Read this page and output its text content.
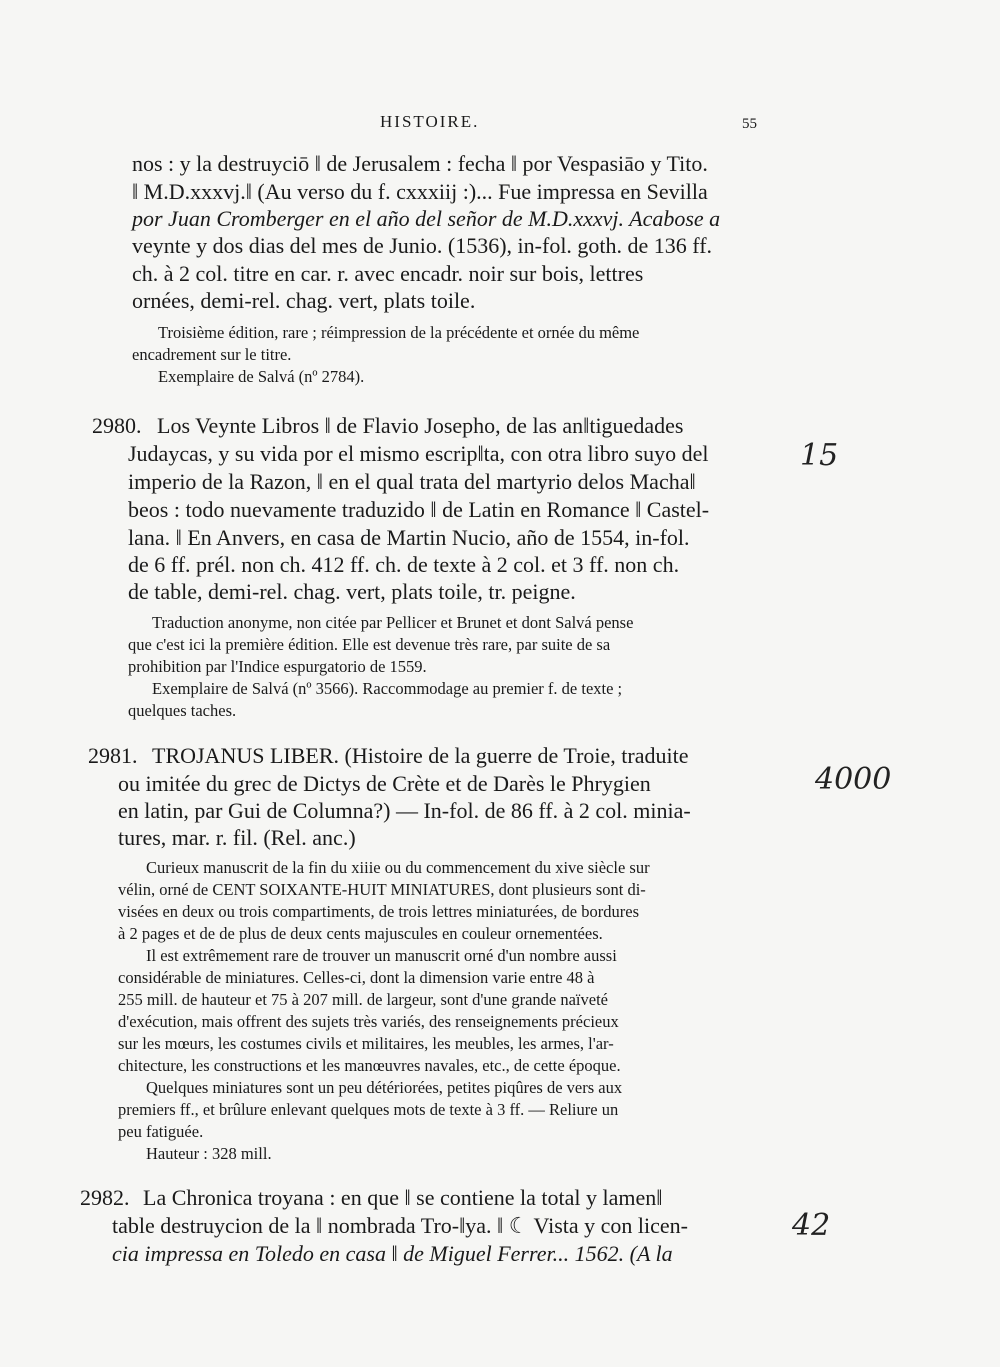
HISTOIRE.	55
nos : y la destruyciō ‖ de Jerusalem : fecha ‖ por Vespasiāo y Tito.
‖ M.D.xxxvj.‖ (Au verso du f. cxxxiij :)... Fue impressa en Sevilla
por Juan Cromberger en el año del señor de M.D.xxxvj. Acabose a
veynte y dos dias del mes de Junio. (1536), in-fol. goth. de 136 ff.
ch. à 2 col. titre en car. r. avec encadr. noir sur bois, lettres
ornées, demi-rel. chag. vert, plats toile.
Troisième édition, rare ; réimpression de la précédente et ornée du même
encadrement sur le titre.
Exemplaire de Salvá (nº 2784).
2980. Los Veynte Libros ‖ de Flavio Josepho, de las an‖tiguedades
Judaycas, y su vida por el mismo escrip‖ta, con otra libro suyo del
imperio de la Razon, ‖ en el qual trata del martyrio delos Macha‖
beos : todo nuevamente traduzido ‖ de Latin en Romance ‖ Castel-
lana. ‖ En Anvers, en casa de Martin Nucio, año de 1554, in-fol.
de 6 ff. prél. non ch. 412 ff. ch. de texte à 2 col. et 3 ff. non ch.
de table, demi-rel. chag. vert, plats toile, tr. peigne.
Traduction anonyme, non citée par Pellicer et Brunet et dont Salvá pense
que c'est ici la première édition. Elle est devenue très rare, par suite de sa
prohibition par l'Indice espurgatorio de 1559.
Exemplaire de Salvá (nº 3566). Raccommodage au premier f. de texte ;
quelques taches.
15
2981. TROJANUS LIBER. (Histoire de la guerre de Troie, traduite
ou imitée du grec de Dictys de Crète et de Darès le Phrygien
en latin, par Gui de Columna?) — In-fol. de 86 ff. à 2 col. minia-
tures, mar. r. fil. (Rel. anc.)
Curieux manuscrit de la fin du xiiie ou du commencement du xive siècle sur
vélin, orné de CENT SOIXANTE-HUIT MINIATURES, dont plusieurs sont di-
visées en deux ou trois compartiments, de trois lettres miniaturées, de bordures
à 2 pages et de de plus de deux cents majuscules en couleur ornementées.
Il est extrêmement rare de trouver un manuscrit orné d'un nombre aussi
considérable de miniatures. Celles-ci, dont la dimension varie entre 48 à
255 mill. de hauteur et 75 à 207 mill. de largeur, sont d'une grande naïveté
d'exécution, mais offrent des sujets très variés, des renseignements précieux
sur les mœurs, les costumes civils et militaires, les meubles, les armes, l'ar-
chitecture, les constructions et les manœuvres navales, etc., de cette époque.
Quelques miniatures sont un peu détériorées, petites piqûres de vers aux
premiers ff., et brûlure enlevant quelques mots de texte à 3 ff. — Reliure un
peu fatiguée.
Hauteur : 328 mill.
4000
2982. La Chronica troyana : en que ‖ se contiene la total y lamen‖
table destruycion de la ‖ nombrada Tro-‖ya. ‖ ☾ Vista y con licen-
cia impressa en Toledo en casa ‖ de Miguel Ferrer... 1562. (A la
42
